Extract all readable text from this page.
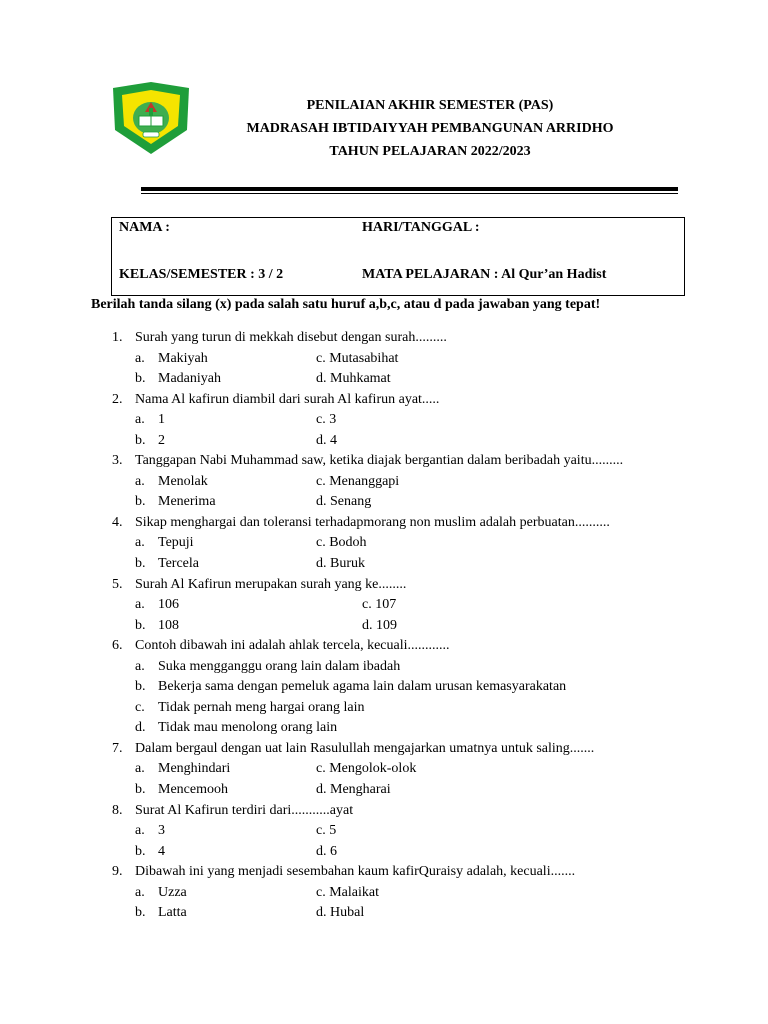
PENILAIAN AKHIR SEMESTER (PAS)
MADRASAH IBTIDAIYYAH PEMBANGUNAN ARRIDHO
TAHUN PELAJARAN 2022/2023
NAMA :	HARI/TANGGAL :
KELAS/SEMESTER : 3 / 2	MATA PELAJARAN : Al Qur’an Hadist
Berilah tanda silang (x) pada salah satu huruf a,b,c, atau d pada jawaban yang tepat!
1. Surah yang turun di mekkah disebut dengan surah.........
a. Makiyah	c. Mutasabihat
b. Madaniyah	d. Muhkamat
2. Nama Al kafirun diambil dari surah Al kafirun ayat.....
a. 1	c. 3
b. 2	d. 4
3. Tanggapan Nabi Muhammad saw, ketika diajak bergantian dalam beribadah yaitu.........
a. Menolak	c. Menanggapi
b. Menerima	d. Senang
4. Sikap menghargai dan toleransi terhadapmorang non muslim adalah perbuatan..........
a. Tepuji	c. Bodoh
b. Tercela	d. Buruk
5. Surah Al Kafirun merupakan surah yang ke........
a. 106	c. 107
b. 108	d. 109
6. Contoh dibawah ini adalah ahlak tercela, kecuali............
a. Suka mengganggu orang lain dalam ibadah
b. Bekerja sama dengan pemeluk agama lain dalam urusan kemasyarakatan
c. Tidak pernah meng hargai orang lain
d. Tidak mau menolong orang lain
7. Dalam bergaul dengan uat lain Rasulullah mengajarkan umatnya untuk saling.......
a. Menghindari	c. Mengolok-olok
b. Mencemooh	d. Mengharai
8. Surat Al Kafirun terdiri dari...........ayat
a. 3	c. 5
b. 4	d. 6
9. Dibawah ini yang menjadi sesembahan kaum kafirQuraisy adalah, kecuali.......
a. Uzza	c. Malaikat
b. Latta	d. Hubal
